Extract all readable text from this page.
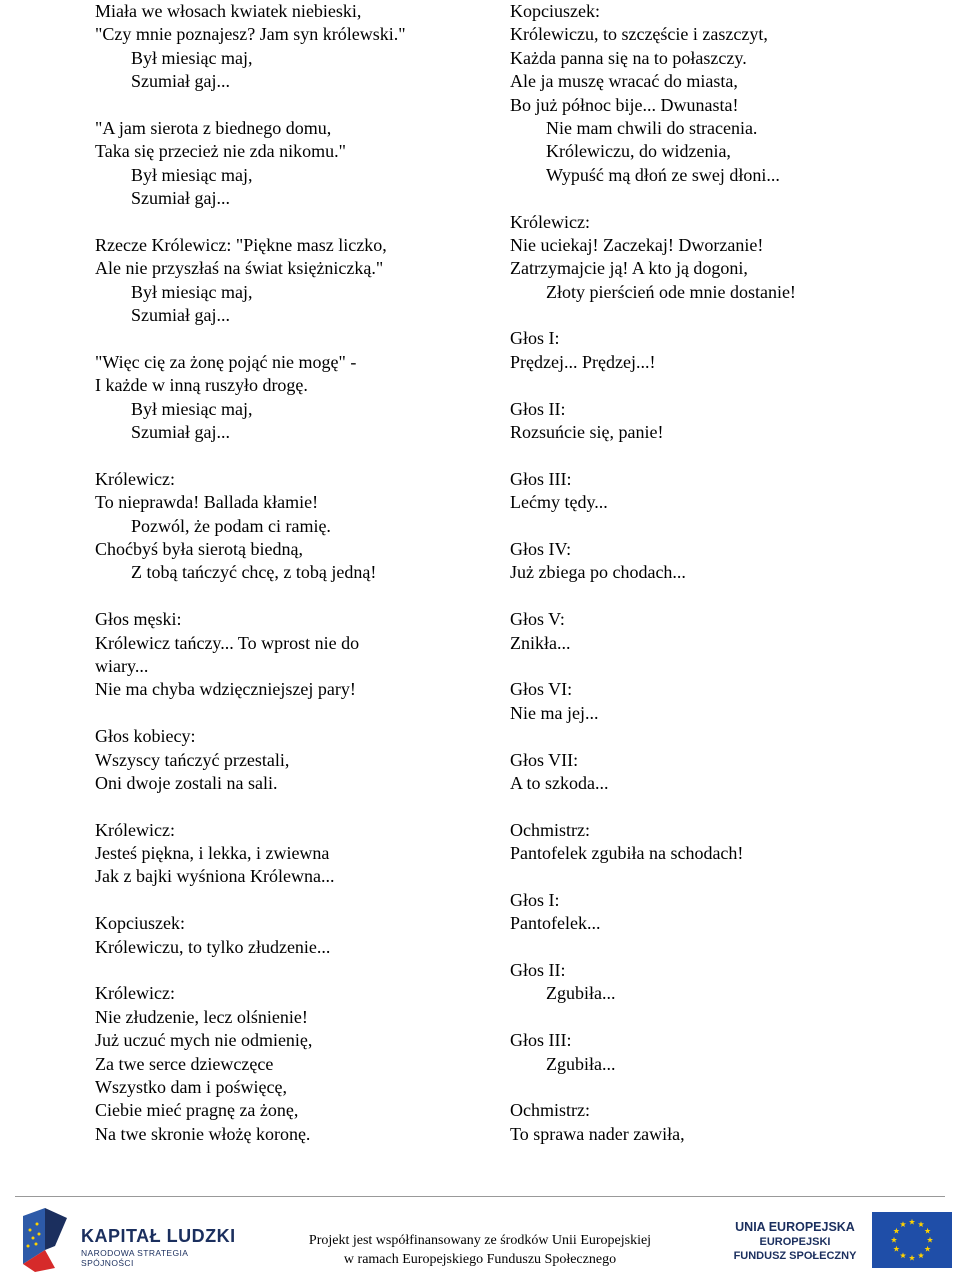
Miała we włosach kwiatek niebieski,
"Czy mnie poznajesz? Jam syn królewski."
Był miesiąc maj,
Szumiał gaj...
"A jam sierota z biednego domu,
Taka się przecież nie zda nikomu."
Był miesiąc maj,
Szumiał gaj...
Rzecze Królewicz: "Piękne masz liczko,
Ale nie przyszłaś na świat księżniczką."
Był miesiąc maj,
Szumiał gaj...
"Więc cię za żonę pojąć nie mogę" -
I każde w inną ruszyło drogę.
Był miesiąc maj,
Szumiał gaj...
Królewicz:
To nieprawda! Ballada kłamie!
Pozwól, że podam ci ramię.
Choćbyś była sierotą biedną,
Z tobą tańczyć chcę, z tobą jedną!
Głos męski:
Królewicz tańczy... To wprost nie do
wiary...
Nie ma chyba wdzięczniejszej pary!
Głos kobiecy:
Wszyscy tańczyć przestali,
Oni dwoje zostali na sali.
Królewicz:
Jesteś piękna, i lekka, i zwiewna
Jak z bajki wyśniona Królewna...
Kopciuszek:
Królewiczu, to tylko złudzenie...
Królewicz:
Nie złudzenie, lecz olśnienie!
Już uczuć mych nie odmienię,
Za twe serce dziewczęce
Wszystko dam i poświęcę,
Ciebie mieć pragnę za żonę,
Na twe skronie włożę koronę.
Kopciuszek:
Królewiczu, to szczęście i zaszczyt,
Każda panna się na to połaszczy.
Ale ja muszę wracać do miasta,
Bo już północ bije... Dwunasta!
Nie mam chwili do stracenia.
Królewiczu, do widzenia,
Wypuść mą dłoń ze swej dłoni...
Królewicz:
Nie uciekaj! Zaczekaj! Dworzanie!
Zatrzymajcie ją! A kto ją dogoni,
Złoty pierścień ode mnie dostanie!
Głos I:
Prędzej... Prędzej...!
Głos II:
Rozsuńcie się, panie!
Głos III:
Lećmy tędy...
Głos IV:
Już zbiega po chodach...
Głos V:
Znikła...
Głos VI:
Nie ma jej...
Głos VII:
A to szkoda...
Ochmistrz:
Pantofelek zgubiła na schodach!
Głos I:
Pantofelek...
Głos II:
Zgubiła...
Głos III:
Zgubiła...
Ochmistrz:
To sprawa nader zawiła,
KAPITAŁ LUDZKI
NARODOWA STRATEGIA SPÓJNOŚCI
Projekt jest współfinansowany ze środków Unii Europejskiej
w ramach Europejskiego Funduszu Społecznego
UNIA EUROPEJSKA
EUROPEJSKI
FUNDUSZ SPOŁECZNY
